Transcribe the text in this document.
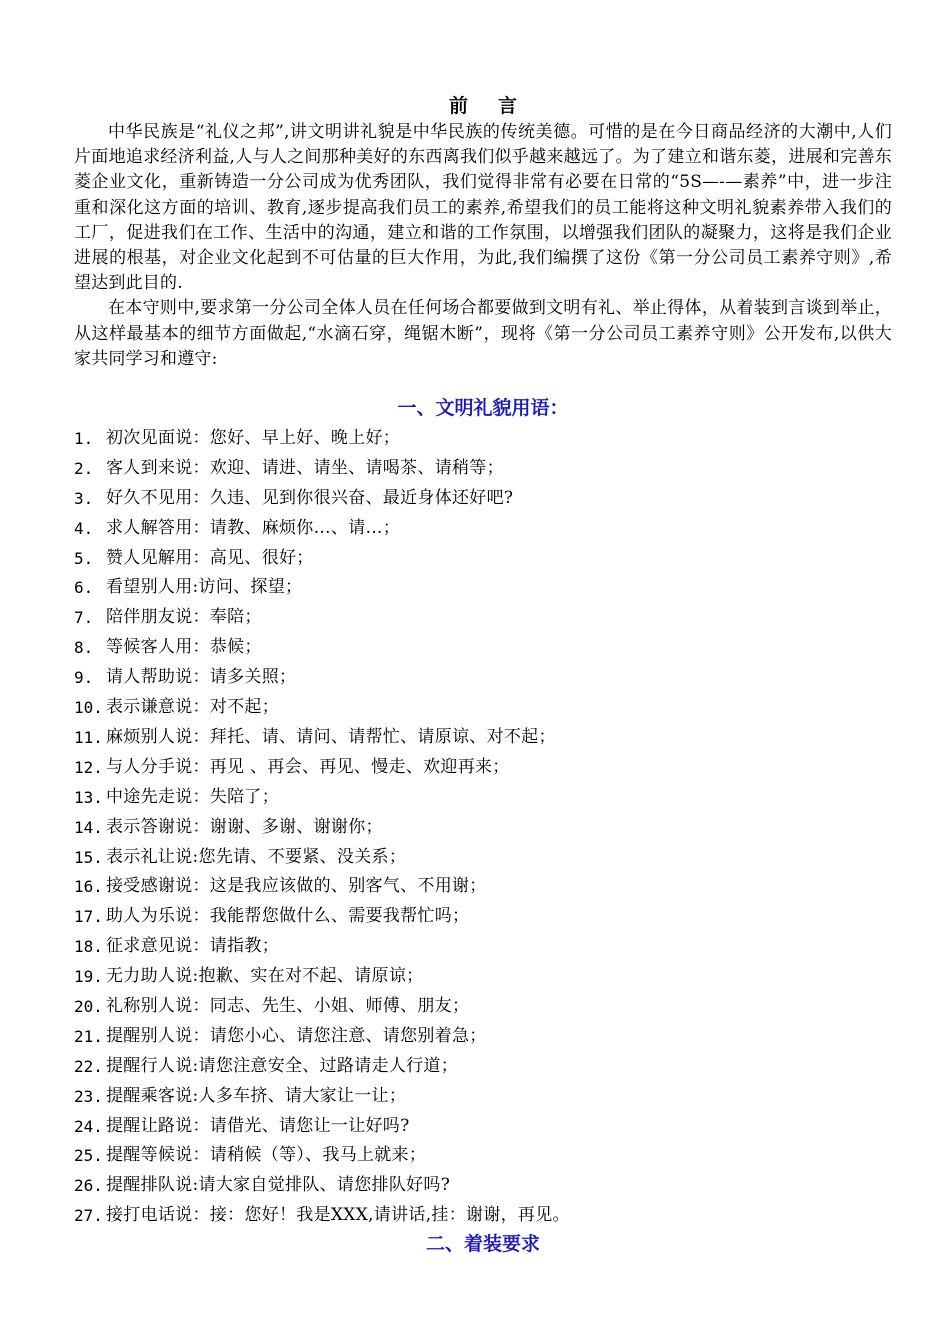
前 言

中华民族是“礼仪之邦”,讲文明讲礼貌是中华民族的传统美德。可惜的是在今日商品经济的大潮中,人们片面地追求经济利益,人与人之间那种美好的东西离我们似乎越来越远了。为了建立和谐东菱，进展和完善东菱企业文化，重新铸造一分公司成为优秀团队，我们觉得非常有必要在日常的“5S—-—素养”中，进一步注重和深化这方面的培训、教育,逐步提高我们员工的素养,希望我们的员工能将这种文明礼貌素养带入我们的工厂，促进我们在工作、生活中的沟通，建立和谐的工作氛围，以增强我们团队的凝聚力，这将是我们企业进展的根基，对企业文化起到不可估量的巨大作用，为此,我们编撰了这份《第一分公司员工素养守则》,希望达到此目的.

在本守则中,要求第一分公司全体人员在任何场合都要做到文明有礼、举止得体，从着装到言谈到举止，从这样最基本的细节方面做起,“水滴石穿，绳锯木断”，现将《第一分公司员工素养守则》公开发布,以供大家共同学习和遵守:

一、文明礼貌用语：
1. 初次见面说：您好、早上好、晚上好；
2. 客人到来说：欢迎、请进、请坐、请喝茶、请稍等；
3. 好久不见用：久违、见到你很兴奋、最近身体还好吧?
4. 求人解答用：请教、麻烦你…、请…；
5. 赞人见解用：高见、很好；
6. 看望别人用:访问、探望；
7. 陪伴朋友说：奉陪；
8. 等候客人用：恭候；
9. 请人帮助说：请多关照；
10. 表示谦意说：对不起；
11. 麻烦别人说：拜托、请、请问、请帮忙、请原谅、对不起；
12. 与人分手说：再见 、再会、再见、慢走、欢迎再来；
13. 中途先走说：失陪了；
14. 表示答谢说：谢谢、多谢、谢谢你；
15. 表示礼让说:您先请、不要紧、没关系；
16. 接受感谢说：这是我应该做的、别客气、不用谢；
17. 助人为乐说：我能帮您做什么、需要我帮忙吗；
18. 征求意见说：请指教；
19. 无力助人说:抱歉、实在对不起、请原谅；
20. 礼称别人说：同志、先生、小姐、师傅、朋友；
21. 提醒别人说：请您小心、请您注意、请您别着急；
22. 提醒行人说:请您注意安全、过路请走人行道；
23. 提醒乘客说:人多车挤、请大家让一让；
24. 提醒让路说：请借光、请您让一让好吗?
25. 提醒等候说：请稍候（等）、我马上就来；
26. 提醒排队说:请大家自觉排队、请您排队好吗?
27. 接打电话说：接：您好！我是XXX,请讲话,挂：谢谢，再见。
二、着装要求
